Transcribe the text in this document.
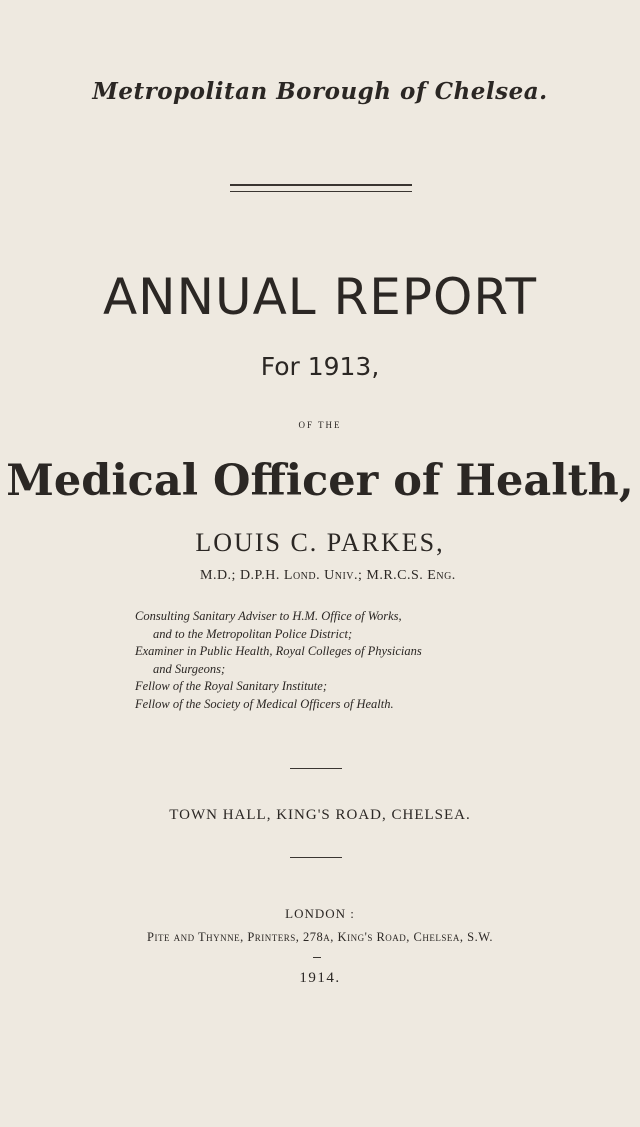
Metropolitan Borough of Chelsea.
ANNUAL REPORT
For 1913,
OF THE
Medical Officer of Health,
LOUIS C. PARKES,
M.D.; D.P.H. Lond. Univ.; M.R.C.S. Eng.
Consulting Sanitary Adviser to H.M. Office of Works,
and to the Metropolitan Police District;
Examiner in Public Health, Royal Colleges of Physicians
and Surgeons;
Fellow of the Royal Sanitary Institute;
Fellow of the Society of Medical Officers of Health.
TOWN HALL, KING'S ROAD, CHELSEA.
LONDON :
Pite and Thynne, Printers, 278a, King's Road, Chelsea, S.W.
1914.
